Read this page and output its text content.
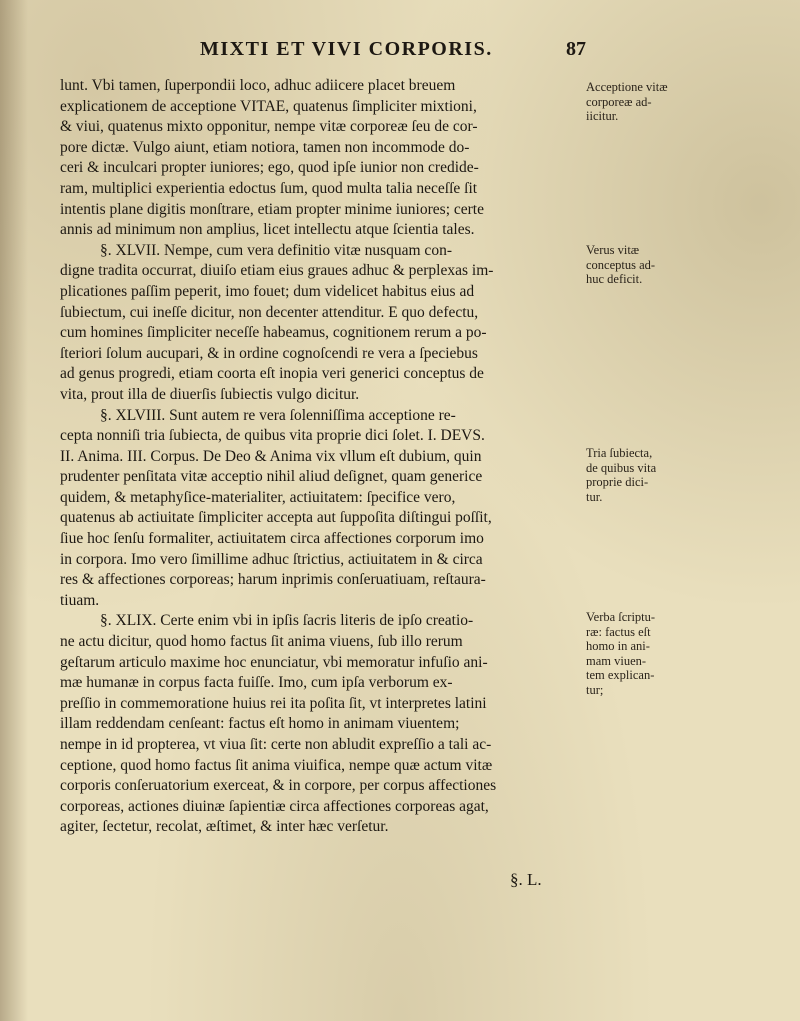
MIXTI ET VIVI CORPORIS.	87
lunt. Vbi tamen, ſuperpondii loco, adhuc adiicere placet breuem
explicationem de acceptione VITAE, quatenus ſimpliciter mixtioni,
& viui, quatenus mixto opponitur, nempe vitæ corporeæ ſeu de cor-
pore dictæ. Vulgo aiunt, etiam notiora, tamen non incommode do-
ceri & inculcari propter iuniores; ego, quod ipſe iunior non credide-
ram, multiplici experientia edoctus ſum, quod multa talia neceſſe ſit
intentis plane digitis monſtrare, etiam propter minime iuniores; certe
annis ad minimum non amplius, licet intellectu atque ſcientia tales.
§. XLVII. Nempe, cum vera definitio vitæ nusquam con-
digne tradita occurrat, diuiſo etiam eius graues adhuc & perplexas im-
plicationes paſſim peperit, imo fouet; dum videlicet habitus eius ad
ſubiectum, cui ineſſe dicitur, non decenter attenditur. E quo defectu,
cum homines ſimpliciter neceſſe habeamus, cognitionem rerum a po-
ſteriori ſolum aucupari, & in ordine cognoſcendi re vera a ſpeciebus
ad genus progredi, etiam coorta eſt inopia veri generici conceptus de
vita, prout illa de diuerſis ſubiectis vulgo dicitur.
§. XLVIII. Sunt autem re vera ſolenniſſima acceptione re-
cepta nonniſi tria ſubiecta, de quibus vita proprie dici ſolet. I. DEVS.
II. Anima. III. Corpus. De Deo & Anima vix vllum eſt dubium, quin
prudenter penſitata vitæ acceptio nihil aliud deſignet, quam generice
quidem, & metaphyſice-materialiter, actiuitatem: ſpecifice vero,
quatenus ab actiuitate ſimpliciter accepta aut ſuppoſita diſtingui poſſit,
ſiue hoc ſenſu formaliter, actiuitatem circa affectiones corporum imo
in corpora. Imo vero ſimillime adhuc ſtrictius, actiuitatem in & circa
res & affectiones corporeas; harum inprimis conſeruatiuam, reſtaura-
tiuam.
§. XLIX. Certe enim vbi in ipſis ſacris literis de ipſo creatio-
ne actu dicitur, quod homo factus ſit anima viuens, ſub illo rerum
geſtarum articulo maxime hoc enunciatur, vbi memoratur infuſio ani-
mæ humanæ in corpus facta fuiſſe. Imo, cum ipſa verborum ex-
preſſio in commemoratione huius rei ita poſita ſit, vt interpretes latini
illam reddendam cenſeant: factus eſt homo in animam viuentem;
nempe in id propterea, vt viua ſit: certe non abludit expreſſio a tali ac-
ceptione, quod homo factus ſit anima viuifica, nempe quæ actum vitæ
corporis conſeruatorium exerceat, & in corpore, per corpus affectiones
corporeas, actiones diuinæ ſapientiæ circa affectiones corporeas agat,
agiter, ſectetur, recolat, æſtimet, & inter hæc verſetur.
Acceptione vitæ
corporeæ ad-
iicitur.
Verus vitæ
conceptus ad-
huc deficit.
Tria ſubiecta,
de quibus vita
proprie dici-
tur.
Verba ſcriptu-
ræ: factus eſt
homo in ani-
mam viuen-
tem explican-
tur;
§. L.
